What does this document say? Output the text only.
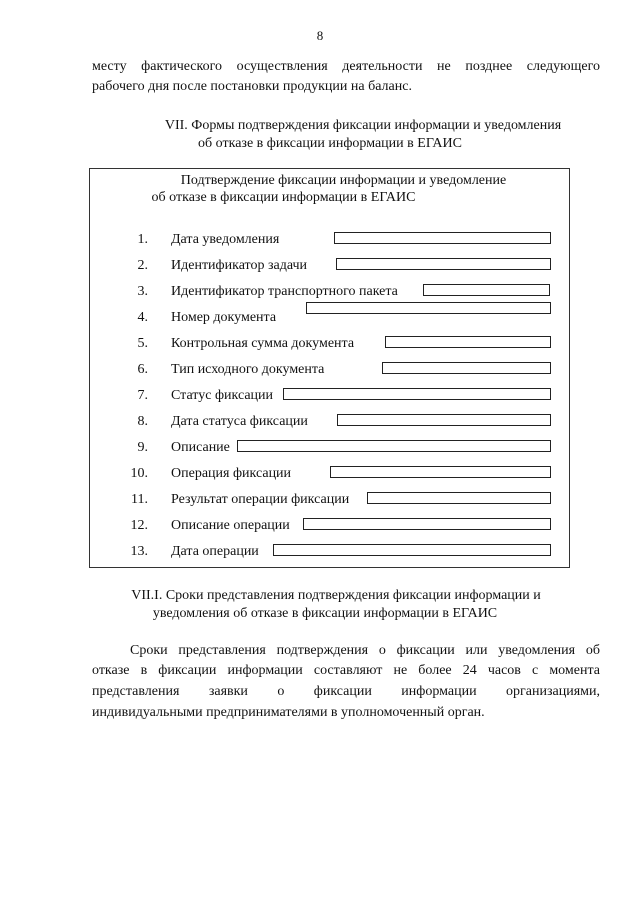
8
месту фактического осуществления деятельности не позднее следующего
рабочего дня после постановки продукции на баланс.
VII. Формы подтверждения фиксации информации и уведомления
об отказе в фиксации информации в ЕГАИС
Подтверждение фиксации информации и уведомление
об отказе в фиксации информации в ЕГАИС
1. Дата уведомления
2. Идентификатор задачи
3. Идентификатор транспортного пакета
4. Номер документа
5. Контрольная сумма документа
6. Тип исходного документа
7. Статус фиксации
8. Дата статуса фиксации
9. Описание
10. Операция фиксации
11. Результат операции фиксации
12. Описание операции
13. Дата операции
VII.I. Сроки представления подтверждения фиксации информации и
уведомления об отказе в фиксации информации в ЕГАИС
Сроки представления подтверждения о фиксации или уведомления об
отказе в фиксации информации составляют не более 24 часов с момента
представления заявки о фиксации информации организациями,
индивидуальными предпринимателями в уполномоченный орган.
